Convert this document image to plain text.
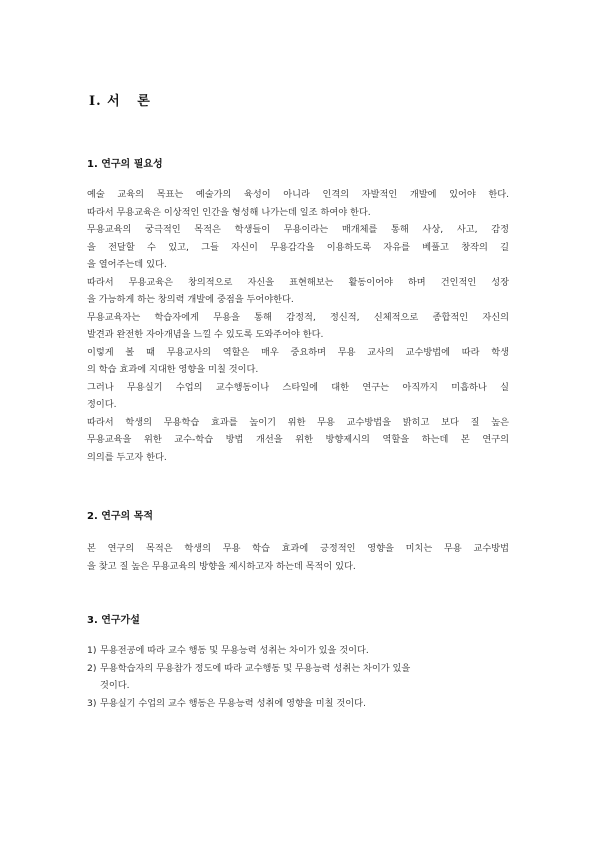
Ⅰ. 서   론
1. 연구의 필요성
예술 교육의 목표는 예술가의 육성이 아니라 인격의 자발적인 개발에 있어야 한다.
따라서 무용교육은 이상적인 인간을 형성해 나가는데 일조 하여야 한다.
무용교육의 궁극적인 목적은 학생들이 무용이라는 매개체를 통해 사상, 사고, 감정
을 전달할 수 있고, 그들 자신이 무용감각을 이용하도록 자유를 베풀고 창작의 길
을 열어주는데 있다.
따라서 무용교육은 창의적으로 자신을 표현해보는 활동이어야 하며 건인적인 성장
을 가능하게 하는 창의력 개발에 중점을 두어야한다.
무용교육자는 학습자에게 무용을 통해 감정적, 정신적, 신체적으로 종합적인 자신의
발견과 완전한 자아개념을 느낄 수 있도록 도와주어야 한다.
이렇게 볼 때 무용교사의 역할은 매우 중요하며 무용 교사의 교수방법에 따라 학생
의 학습 효과에 지대한 영향을 미칠 것이다.
그러나 무용실기 수업의 교수행동이나 스타일에 대한 연구는 아직까지 미흡하나 실
정이다.
따라서 학생의 무용학습 효과를 높이기 위한 무용 교수방법을 밝히고 보다 질 높은
무용교육을 위한 교수-학습 방법 개선을 위한 방향제시의 역할을 하는데 본 연구의
의의를 두고자 한다.
2. 연구의 목적
본 연구의 목적은 학생의 무용 학습 효과에 긍정적인 영향을 미치는 무용 교수방법
을 찾고 질 높은 무용교육의 방향을 제시하고자 하는데 목적이 있다.
3. 연구가설
1) 무용전공에 따라 교수 행동 및 무용능력 성취는 차이가 있을 것이다.
2) 무용학습자의 무용참가 정도에 따라 교수행동 및 무용능력 성취는 차이가 있을
것이다.
3) 무용실기 수업의 교수 행동은 무용능력 성취에 영향을 미칠 것이다.
